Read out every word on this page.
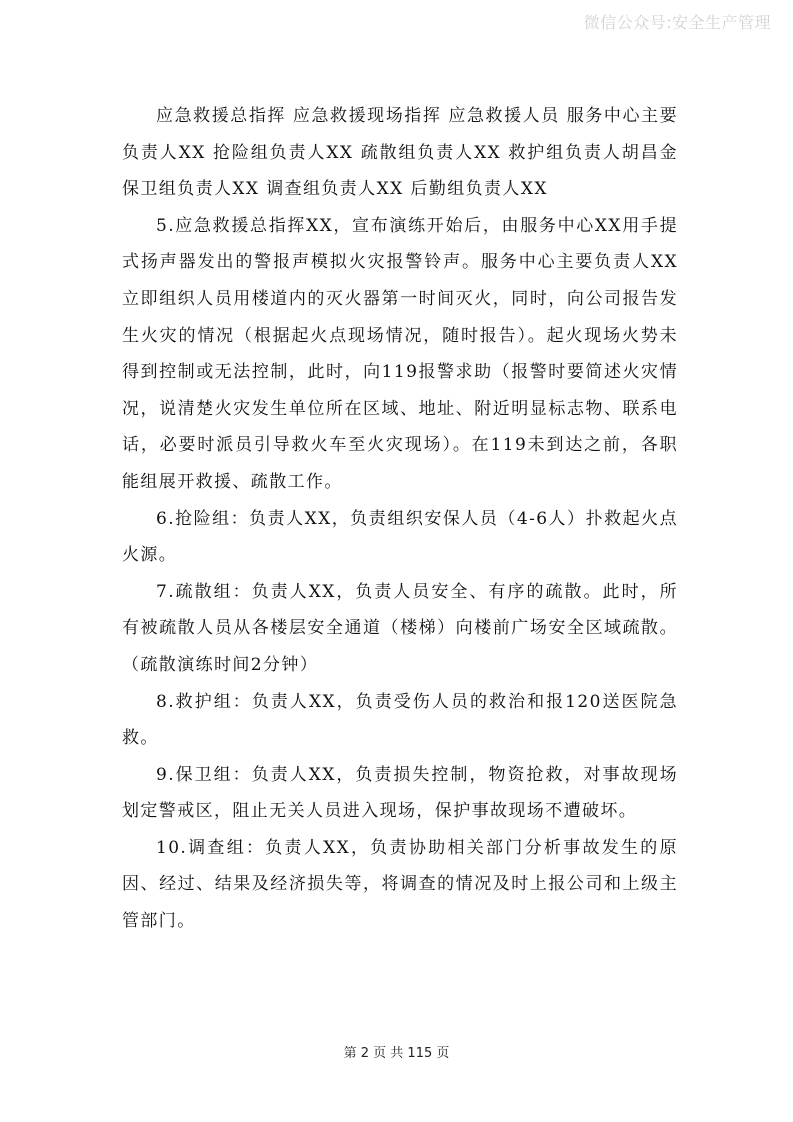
微信公众号:安全生产管理

应急救援总指挥 应急救援现场指挥 应急救援人员 服务中心主要负责人XX 抢险组负责人XX 疏散组负责人XX 救护组负责人胡昌金 保卫组负责人XX 调查组负责人XX 后勤组负责人XX

5.应急救援总指挥XX，宣布演练开始后，由服务中心XX用手提式扬声器发出的警报声模拟火灾报警铃声。服务中心主要负责人XX立即组织人员用楼道内的灭火器第一时间灭火，同时，向公司报告发生火灾的情况（根据起火点现场情况，随时报告）。起火现场火势未得到控制或无法控制，此时，向119报警求助（报警时要简述火灾情况，说清楚火灾发生单位所在区域、地址、附近明显标志物、联系电话，必要时派员引导救火车至火灾现场）。在119未到达之前，各职能组展开救援、疏散工作。

6.抢险组：负责人XX，负责组织安保人员（4-6人）扑救起火点火源。

7.疏散组：负责人XX，负责人员安全、有序的疏散。此时，所有被疏散人员从各楼层安全通道（楼梯）向楼前广场安全区域疏散。（疏散演练时间2分钟）

8.救护组：负责人XX，负责受伤人员的救治和报120送医院急救。

9.保卫组：负责人XX，负责损失控制，物资抢救，对事故现场划定警戒区，阻止无关人员进入现场，保护事故现场不遭破坏。

10.调查组：负责人XX，负责协助相关部门分析事故发生的原因、经过、结果及经济损失等，将调查的情况及时上报公司和上级主管部门。

第 2 页 共 115 页
